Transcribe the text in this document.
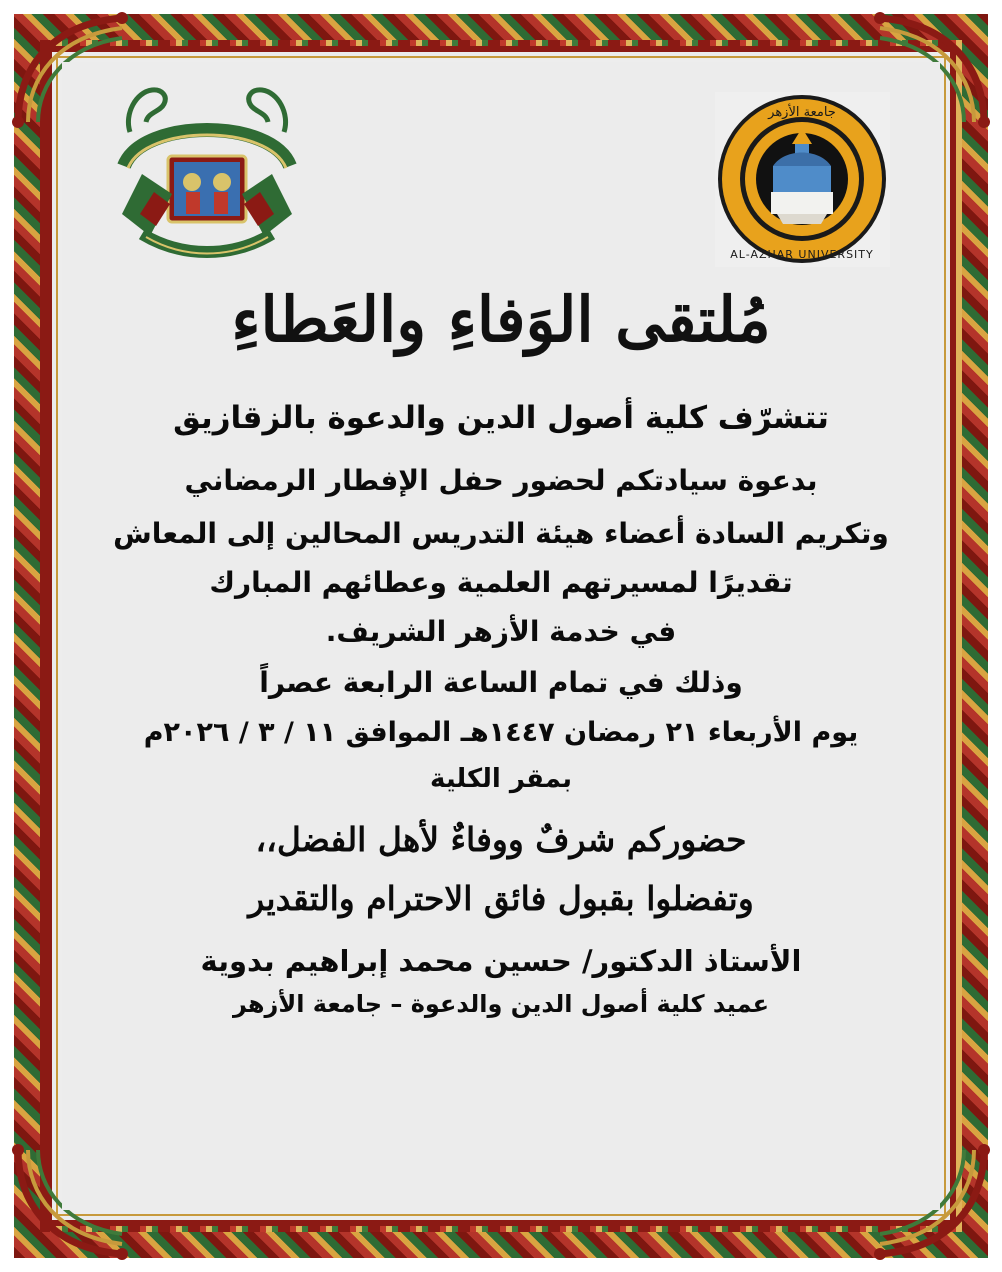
جامعة الأزهر
AL-AZHAR UNIVERSITY
مُلتقى الوَفاءِ والعَطاءِ
تتشرّف كلية أصول الدين والدعوة بالزقازيق
بدعوة سيادتكم لحضور حفل الإفطار الرمضاني
وتكريم السادة أعضاء هيئة التدريس المحالين إلى المعاش
تقديرًا لمسيرتهم العلمية وعطائهم المبارك
في خدمة الأزهر الشريف.
وذلك في تمام الساعة الرابعة عصراً
يوم الأربعاء ٢١ رمضان ١٤٤٧هـ الموافق ١١ / ٣ / ٢٠٢٦م
بمقر الكلية
حضوركم شرفٌ ووفاءٌ لأهل الفضل،،
وتفضلوا بقبول فائق الاحترام والتقدير
الأستاذ الدكتور/ حسين محمد إبراهيم بدوية
عميد كلية أصول الدين والدعوة – جامعة الأزهر
